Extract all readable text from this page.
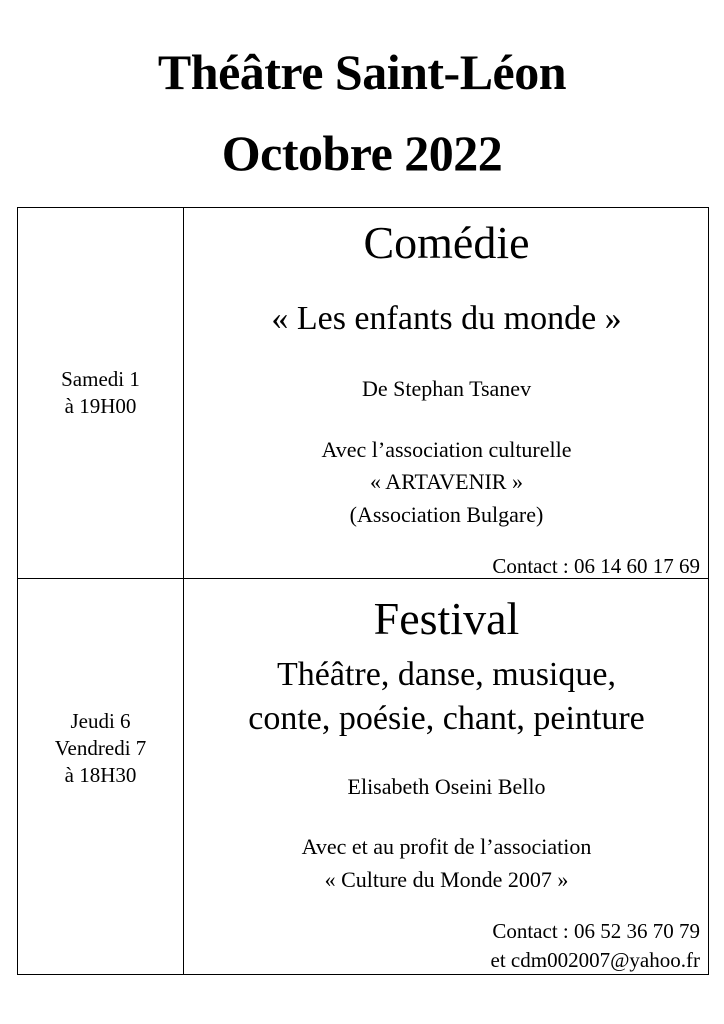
Théâtre Saint-Léon
Octobre 2022
Samedi 1
à 19H00
Comédie
« Les enfants du monde »
De Stephan Tsanev
Avec l’association culturelle
« ARTAVENIR »
(Association Bulgare)
Contact : 06 14 60 17 69
Jeudi 6
Vendredi 7
à 18H30
Festival
Théâtre, danse, musique,
conte, poésie, chant, peinture
Elisabeth Oseini Bello
Avec et au profit de l’association
« Culture du Monde 2007 »
Contact : 06 52 36 70 79
et cdm002007@yahoo.fr
